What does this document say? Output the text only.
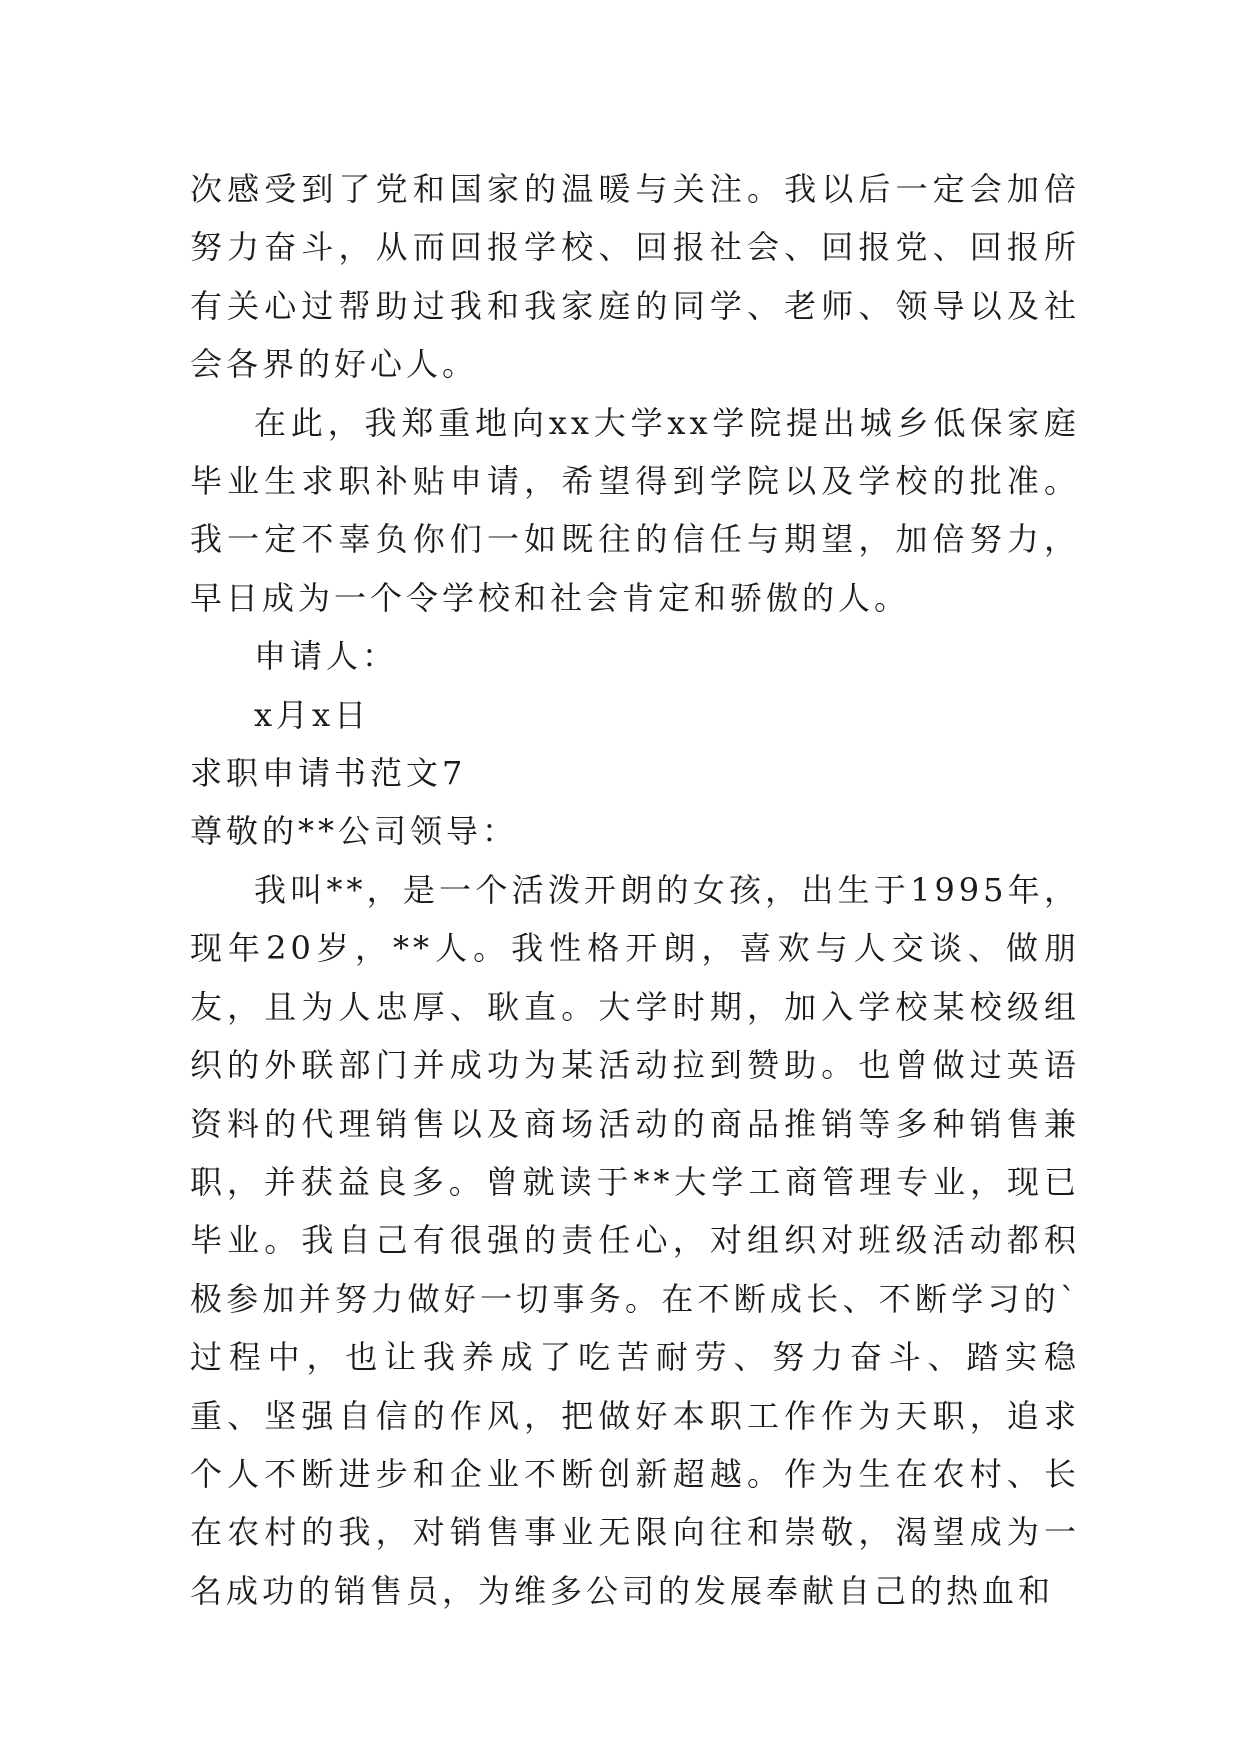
次感受到了党和国家的温暖与关注。我以后一定会加倍努力奋斗，从而回报学校、回报社会、回报党、回报所有关心过帮助过我和我家庭的同学、老师、领导以及社会各界的好心人。

在此，我郑重地向xx大学xx学院提出城乡低保家庭毕业生求职补贴申请，希望得到学院以及学校的批准。我一定不辜负你们一如既往的信任与期望，加倍努力，早日成为一个令学校和社会肯定和骄傲的人。

申请人：

x月x日

求职申请书范文7

尊敬的**公司领导：

我叫**，是一个活泼开朗的女孩，出生于1995年，现年20岁，**人。我性格开朗，喜欢与人交谈、做朋友，且为人忠厚、耿直。大学时期，加入学校某校级组织的外联部门并成功为某活动拉到赞助。也曾做过英语资料的代理销售以及商场活动的商品推销等多种销售兼职，并获益良多。曾就读于**大学工商管理专业，现已毕业。我自己有很强的责任心，对组织对班级活动都积极参加并努力做好一切事务。在不断成长、不断学习的`过程中，也让我养成了吃苦耐劳、努力奋斗、踏实稳重、坚强自信的作风，把做好本职工作作为天职，追求个人不断进步和企业不断创新超越。作为生在农村、长在农村的我，对销售事业无限向往和崇敬，渴望成为一名成功的销售员，为维多公司的发展奉献自己的热血和
